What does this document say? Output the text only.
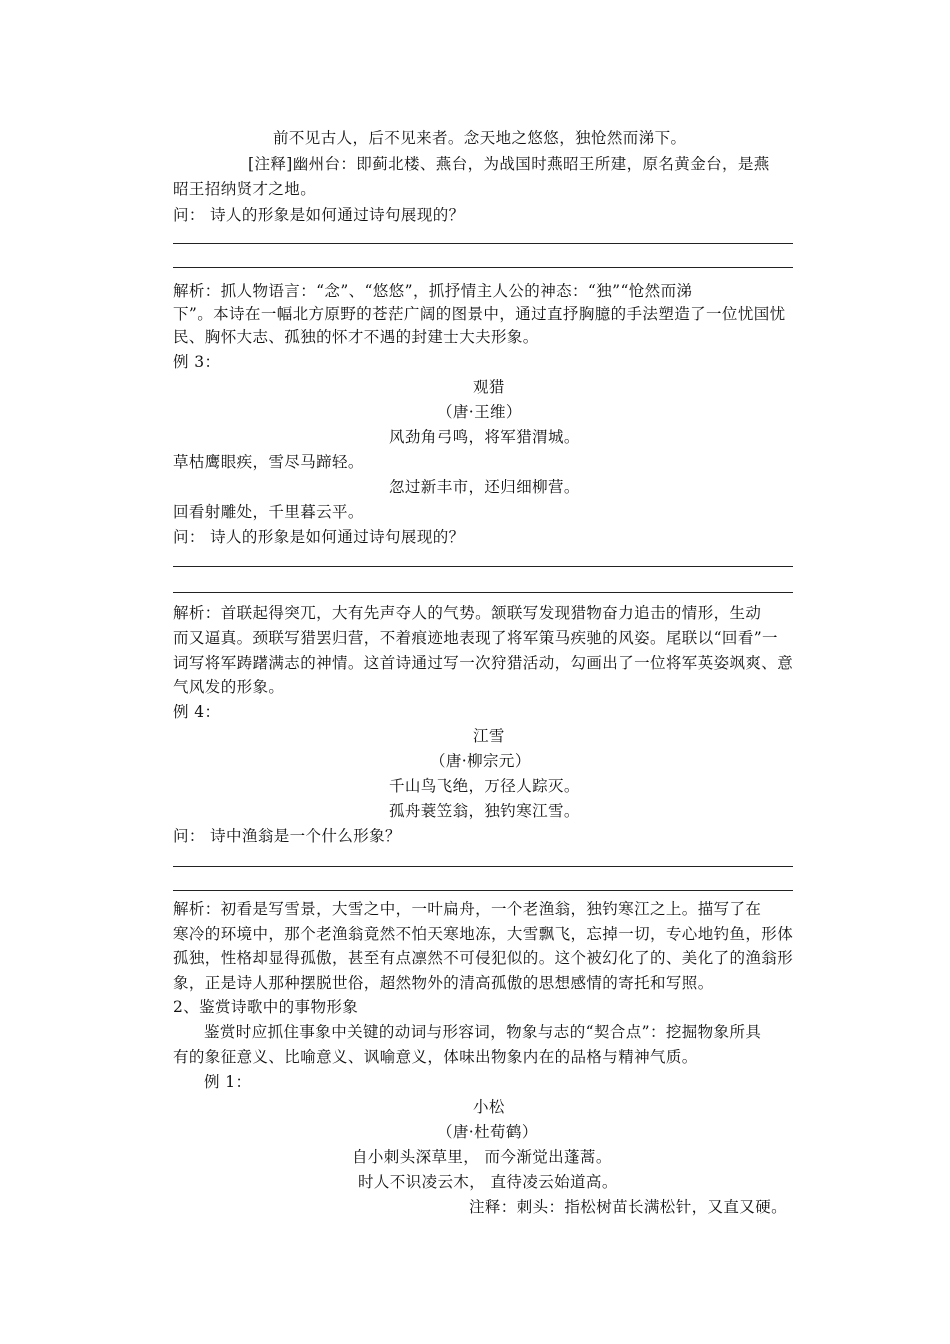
前不见古人，后不见来者。念天地之悠悠，独怆然而涕下。
[注释]幽州台：即蓟北楼、燕台，为战国时燕昭王所建，原名黄金台，是燕
昭王招纳贤才之地。
问： 诗人的形象是如何通过诗句展现的？
解析：抓人物语言：“念”、“悠悠”，抓抒情主人公的神态：“独”“怆然而涕
下”。本诗在一幅北方原野的苍茫广阔的图景中，通过直抒胸臆的手法塑造了一位忧国忧
民、胸怀大志、孤独的怀才不遇的封建士大夫形象。
例 3：
观猎
（唐·王维）
风劲角弓鸣，将军猎渭城。
草枯鹰眼疾，雪尽马蹄轻。
忽过新丰市，还归细柳营。
回看射雕处，千里暮云平。
问： 诗人的形象是如何通过诗句展现的？
解析：首联起得突兀，大有先声夺人的气势。颔联写发现猎物奋力追击的情形，生动
而又逼真。颈联写猎罢归营，不着痕迹地表现了将军策马疾驰的风姿。尾联以“回看”一
词写将军踌躇满志的神情。这首诗通过写一次狩猎活动，勾画出了一位将军英姿飒爽、意
气风发的形象。
例 4：
江雪
（唐·柳宗元）
千山鸟飞绝，万径人踪灭。
孤舟蓑笠翁，独钓寒江雪。
问： 诗中渔翁是一个什么形象？
解析：初看是写雪景，大雪之中，一叶扁舟，一个老渔翁，独钓寒江之上。描写了在
寒冷的环境中，那个老渔翁竟然不怕天寒地冻，大雪飘飞，忘掉一切，专心地钓鱼，形体
孤独，性格却显得孤傲，甚至有点凛然不可侵犯似的。这个被幻化了的、美化了的渔翁形
象，正是诗人那种摆脱世俗，超然物外的清高孤傲的思想感情的寄托和写照。
2、鉴赏诗歌中的事物形象
鉴赏时应抓住事象中关键的动词与形容词，物象与志的“契合点”：挖掘物象所具
有的象征意义、比喻意义、讽喻意义，体味出物象内在的品格与精神气质。
例 1：
小松
（唐·杜荀鹤）
自小刺头深草里， 而今渐觉出蓬蒿。
时人不识凌云木， 直待凌云始道高。
注释：刺头：指松树苗长满松针，又直又硬。
